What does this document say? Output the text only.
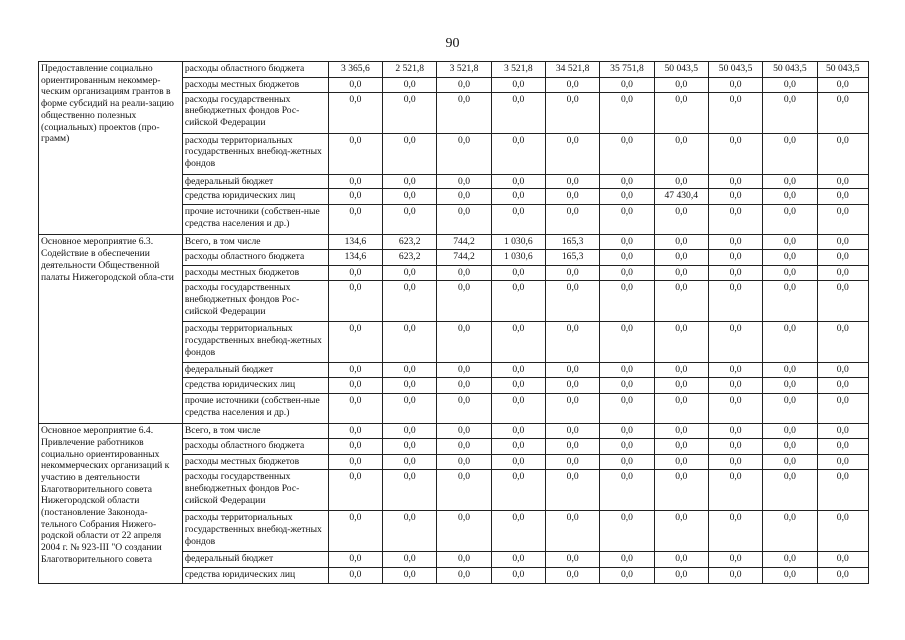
90
Предоставление социально ориентированным некоммер-ческим организациям грантов в форме субсидий на реали-зацию общественно полезных (социальных) проектов (про-грамм)	расходы областного бюджета	3 365,6	2 521,8	3 521,8	3 521,8	34 521,8	35 751,8	50 043,5	50 043,5	50 043,5	50 043,5
	расходы местных бюджетов	0,0	0,0	0,0	0,0	0,0	0,0	0,0	0,0	0,0	0,0
	расходы государственных внебюджетных фондов Рос-сийской Федерации	0,0	0,0	0,0	0,0	0,0	0,0	0,0	0,0	0,0	0,0
	расходы территориальных государственных внебюд-жетных фондов	0,0	0,0	0,0	0,0	0,0	0,0	0,0	0,0	0,0	0,0
	федеральный бюджет	0,0	0,0	0,0	0,0	0,0	0,0	0,0	0,0	0,0	0,0
	средства юридических лиц	0,0	0,0	0,0	0,0	0,0	0,0	47 430,4	0,0	0,0	0,0
	прочие источники (собствен-ные средства населения и др.)	0,0	0,0	0,0	0,0	0,0	0,0	0,0	0,0	0,0	0,0
Основное мероприятие 6.3. Содействие в обеспечении деятельности Общественной палаты Нижегородской обла-сти	Всего, в том числе	134,6	623,2	744,2	1 030,6	165,3	0,0	0,0	0,0	0,0	0,0
	расходы областного бюджета	134,6	623,2	744,2	1 030,6	165,3	0,0	0,0	0,0	0,0	0,0
	расходы местных бюджетов	0,0	0,0	0,0	0,0	0,0	0,0	0,0	0,0	0,0	0,0
	расходы государственных внебюджетных фондов Рос-сийской Федерации	0,0	0,0	0,0	0,0	0,0	0,0	0,0	0,0	0,0	0,0
	расходы территориальных государственных внебюд-жетных фондов	0,0	0,0	0,0	0,0	0,0	0,0	0,0	0,0	0,0	0,0
	федеральный бюджет	0,0	0,0	0,0	0,0	0,0	0,0	0,0	0,0	0,0	0,0
	средства юридических лиц	0,0	0,0	0,0	0,0	0,0	0,0	0,0	0,0	0,0	0,0
	прочие источники (собствен-ные средства населения и др.)	0,0	0,0	0,0	0,0	0,0	0,0	0,0	0,0	0,0	0,0
Основное мероприятие 6.4. Привлечение работников социально ориентированных некоммерческих организаций к участию в деятельности Благотворительного совета Нижегородской области (постановление Законода-тельного Собрания Нижего-родской области от 22 апреля 2004 г. № 923-III "О создании Благотворительного совета	Всего, в том числе	0,0	0,0	0,0	0,0	0,0	0,0	0,0	0,0	0,0	0,0
	расходы областного бюджета	0,0	0,0	0,0	0,0	0,0	0,0	0,0	0,0	0,0	0,0
	расходы местных бюджетов	0,0	0,0	0,0	0,0	0,0	0,0	0,0	0,0	0,0	0,0
	расходы государственных внебюджетных фондов Рос-сийской Федерации	0,0	0,0	0,0	0,0	0,0	0,0	0,0	0,0	0,0	0,0
	расходы территориальных государственных внебюд-жетных фондов	0,0	0,0	0,0	0,0	0,0	0,0	0,0	0,0	0,0	0,0
	федеральный бюджет	0,0	0,0	0,0	0,0	0,0	0,0	0,0	0,0	0,0	0,0
	средства юридических лиц	0,0	0,0	0,0	0,0	0,0	0,0	0,0	0,0	0,0	0,0
